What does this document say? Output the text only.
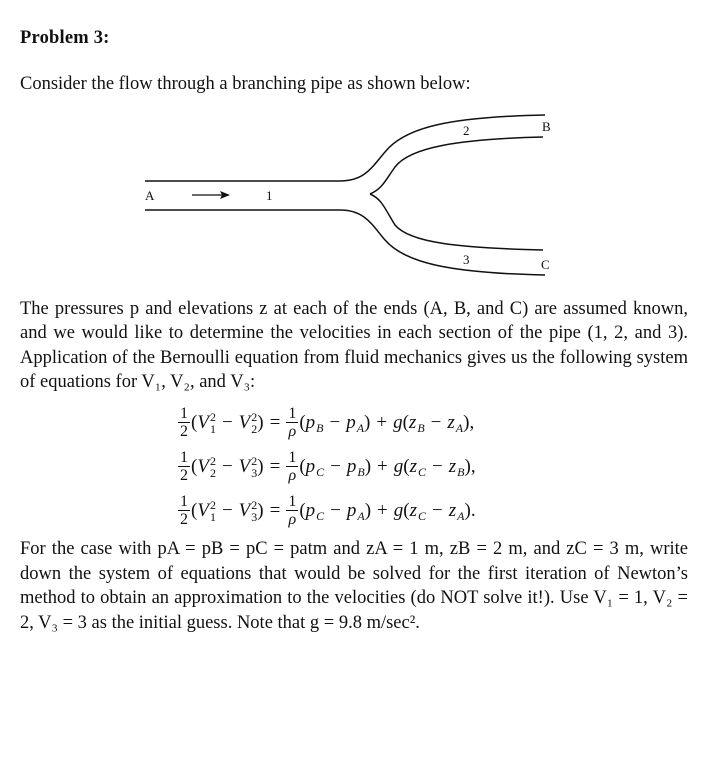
Problem 3:

Consider the flow through a branching pipe as shown below:

A	1
2	B
3	C

The pressures p and elevations z at each of the ends (A, B, and C) are assumed known, and we would like to determine the velocities in each section of the pipe (1, 2, and 3). Application of the Bernoulli equation from fluid mechanics gives us the following system of equations for V₁, V₂, and V₃:

$\frac{1}{2}$ ( V 2
1 − V 2
2 ) = $\frac{1}{\rho}$ ( p B − p A ) + g ( z B − z A ) ,
$\frac{1}{2}$ ( V 2
2 − V 2
3 ) = $\frac{1}{\rho}$ ( p C − p B ) + g ( z C − z B ) ,
$\frac{1}{2}$ ( V 2
1 − V 2
3 ) = $\frac{1}{\rho}$ ( p C − p A ) + g ( z C − z A ) .

For the case with pA = pB = pC = patm and zA = 1 m, zB = 2 m, and zC = 3 m, write down the system of equations that would be solved for the first iteration of Newton’s method to obtain an approximation to the velocities (do NOT solve it!). Use V₁ = 1, V₂ = 2, V₃ = 3 as the initial guess. Note that g = 9.8 m/sec².
